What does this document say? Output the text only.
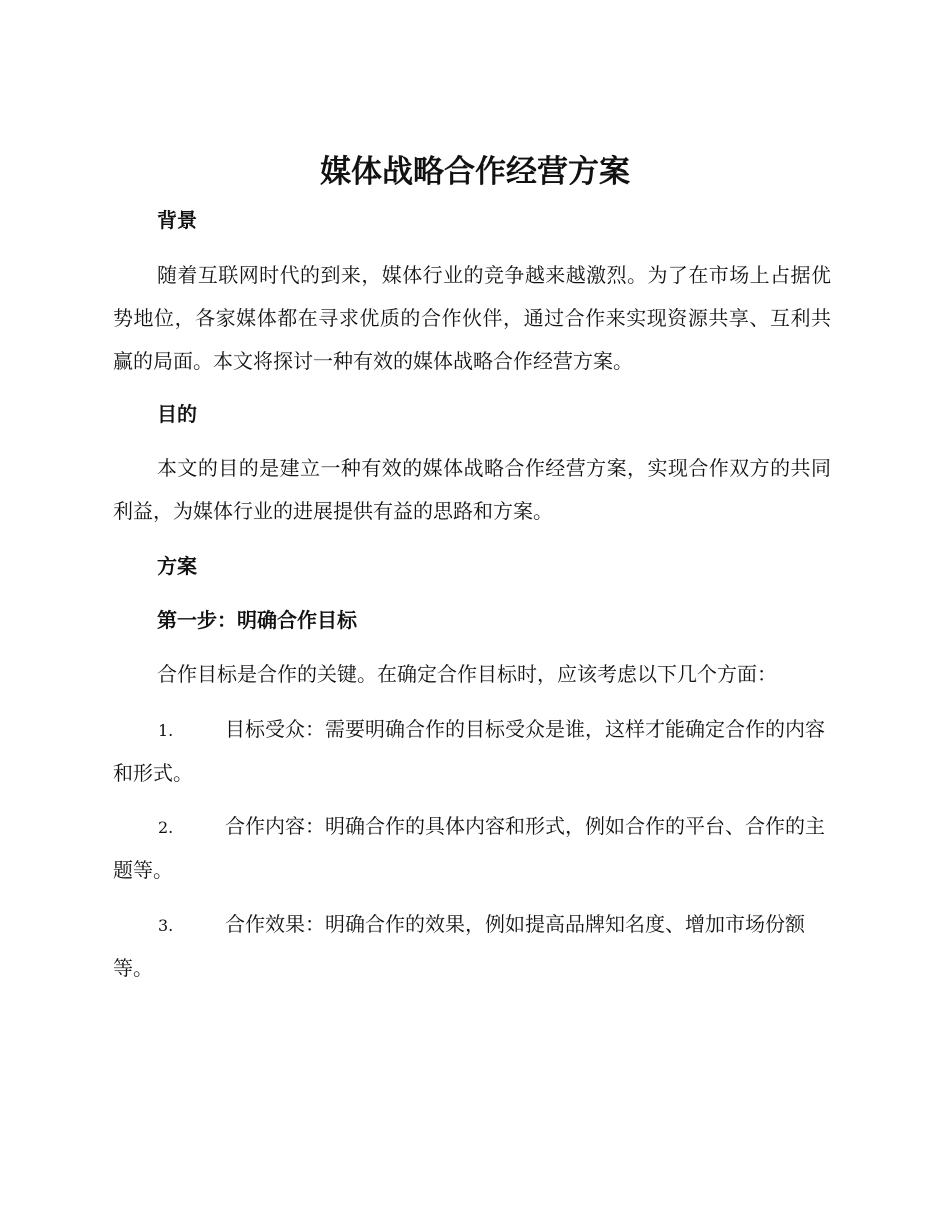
媒体战略合作经营方案
背景

随着互联网时代的到来，媒体行业的竞争越来越激烈。为了在市场上占据优势地位，各家媒体都在寻求优质的合作伙伴，通过合作来实现资源共享、互利共赢的局面。本文将探讨一种有效的媒体战略合作经营方案。

目的

本文的目的是建立一种有效的媒体战略合作经营方案，实现合作双方的共同利益，为媒体行业的进展提供有益的思路和方案。

方案
第一步：明确合作目标

合作目标是合作的关键。在确定合作目标时，应该考虑以下几个方面：

1.	目标受众：需要明确合作的目标受众是谁，这样才能确定合作的内容和形式。

2.	合作内容：明确合作的具体内容和形式，例如合作的平台、合作的主题等。

3.	合作效果：明确合作的效果，例如提高品牌知名度、增加市场份额等。
